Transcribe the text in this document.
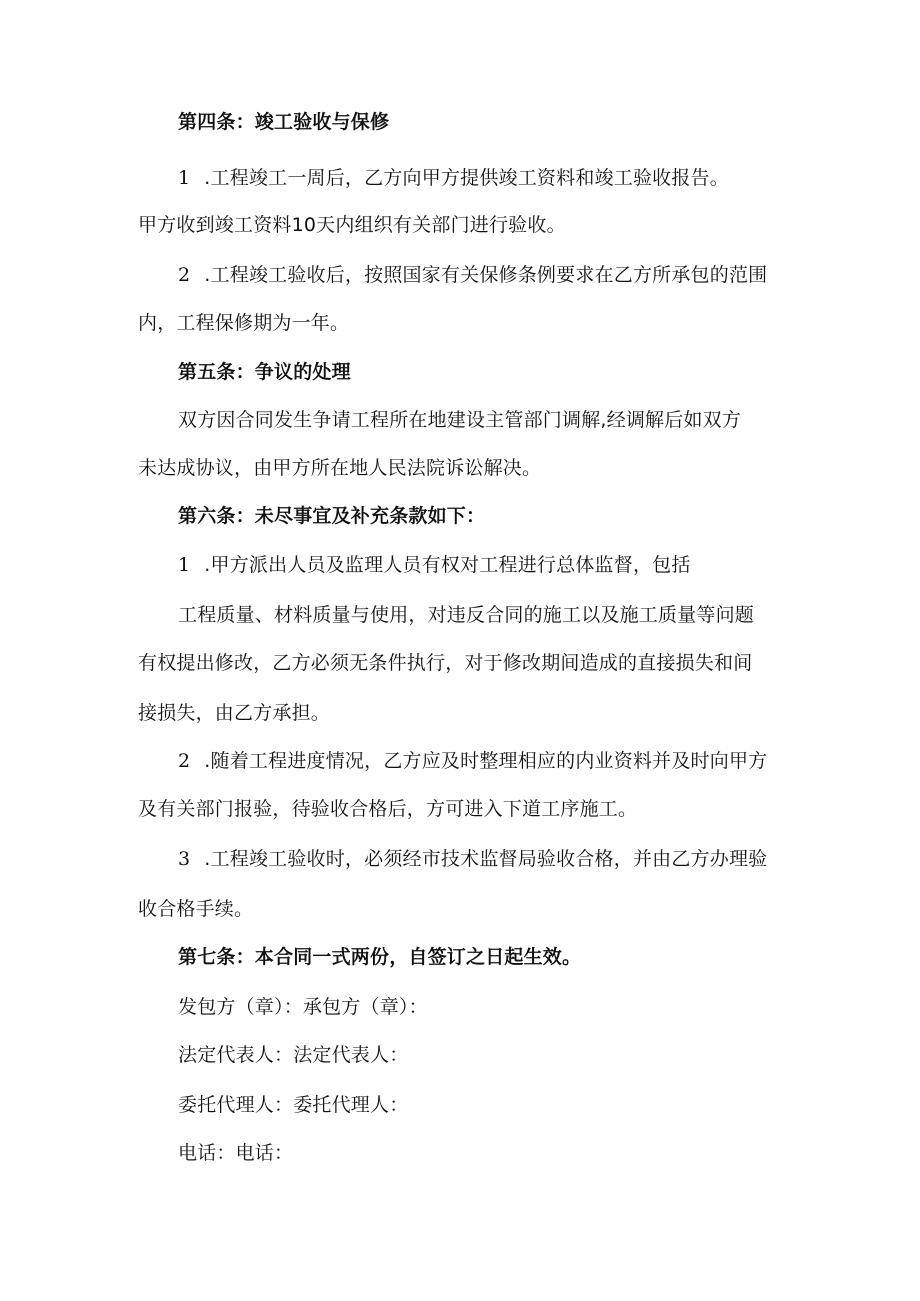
第四条：竣工验收与保修
1 .工程竣工一周后，乙方向甲方提供竣工资料和竣工验收报告。
甲方收到竣工资料10天内组织有关部门进行验收。
2 .工程竣工验收后，按照国家有关保修条例要求在乙方所承包的范围
内，工程保修期为一年。
第五条：争议的处理
双方因合同发生争请工程所在地建设主管部门调解,经调解后如双方
未达成协议，由甲方所在地人民法院诉讼解决。
第六条：未尽事宜及补充条款如下：
1 .甲方派出人员及监理人员有权对工程进行总体监督，包括
工程质量、材料质量与使用，对违反合同的施工以及施工质量等问题
有权提出修改，乙方必须无条件执行，对于修改期间造成的直接损失和间
接损失，由乙方承担。
2 .随着工程进度情况，乙方应及时整理相应的内业资料并及时向甲方
及有关部门报验，待验收合格后，方可进入下道工序施工。
3 .工程竣工验收时，必须经市技术监督局验收合格，并由乙方办理验
收合格手续。
第七条：本合同一式两份，自签订之日起生效。
发包方（章）：承包方（章）：
法定代表人：法定代表人：
委托代理人：委托代理人：
电话：电话：
